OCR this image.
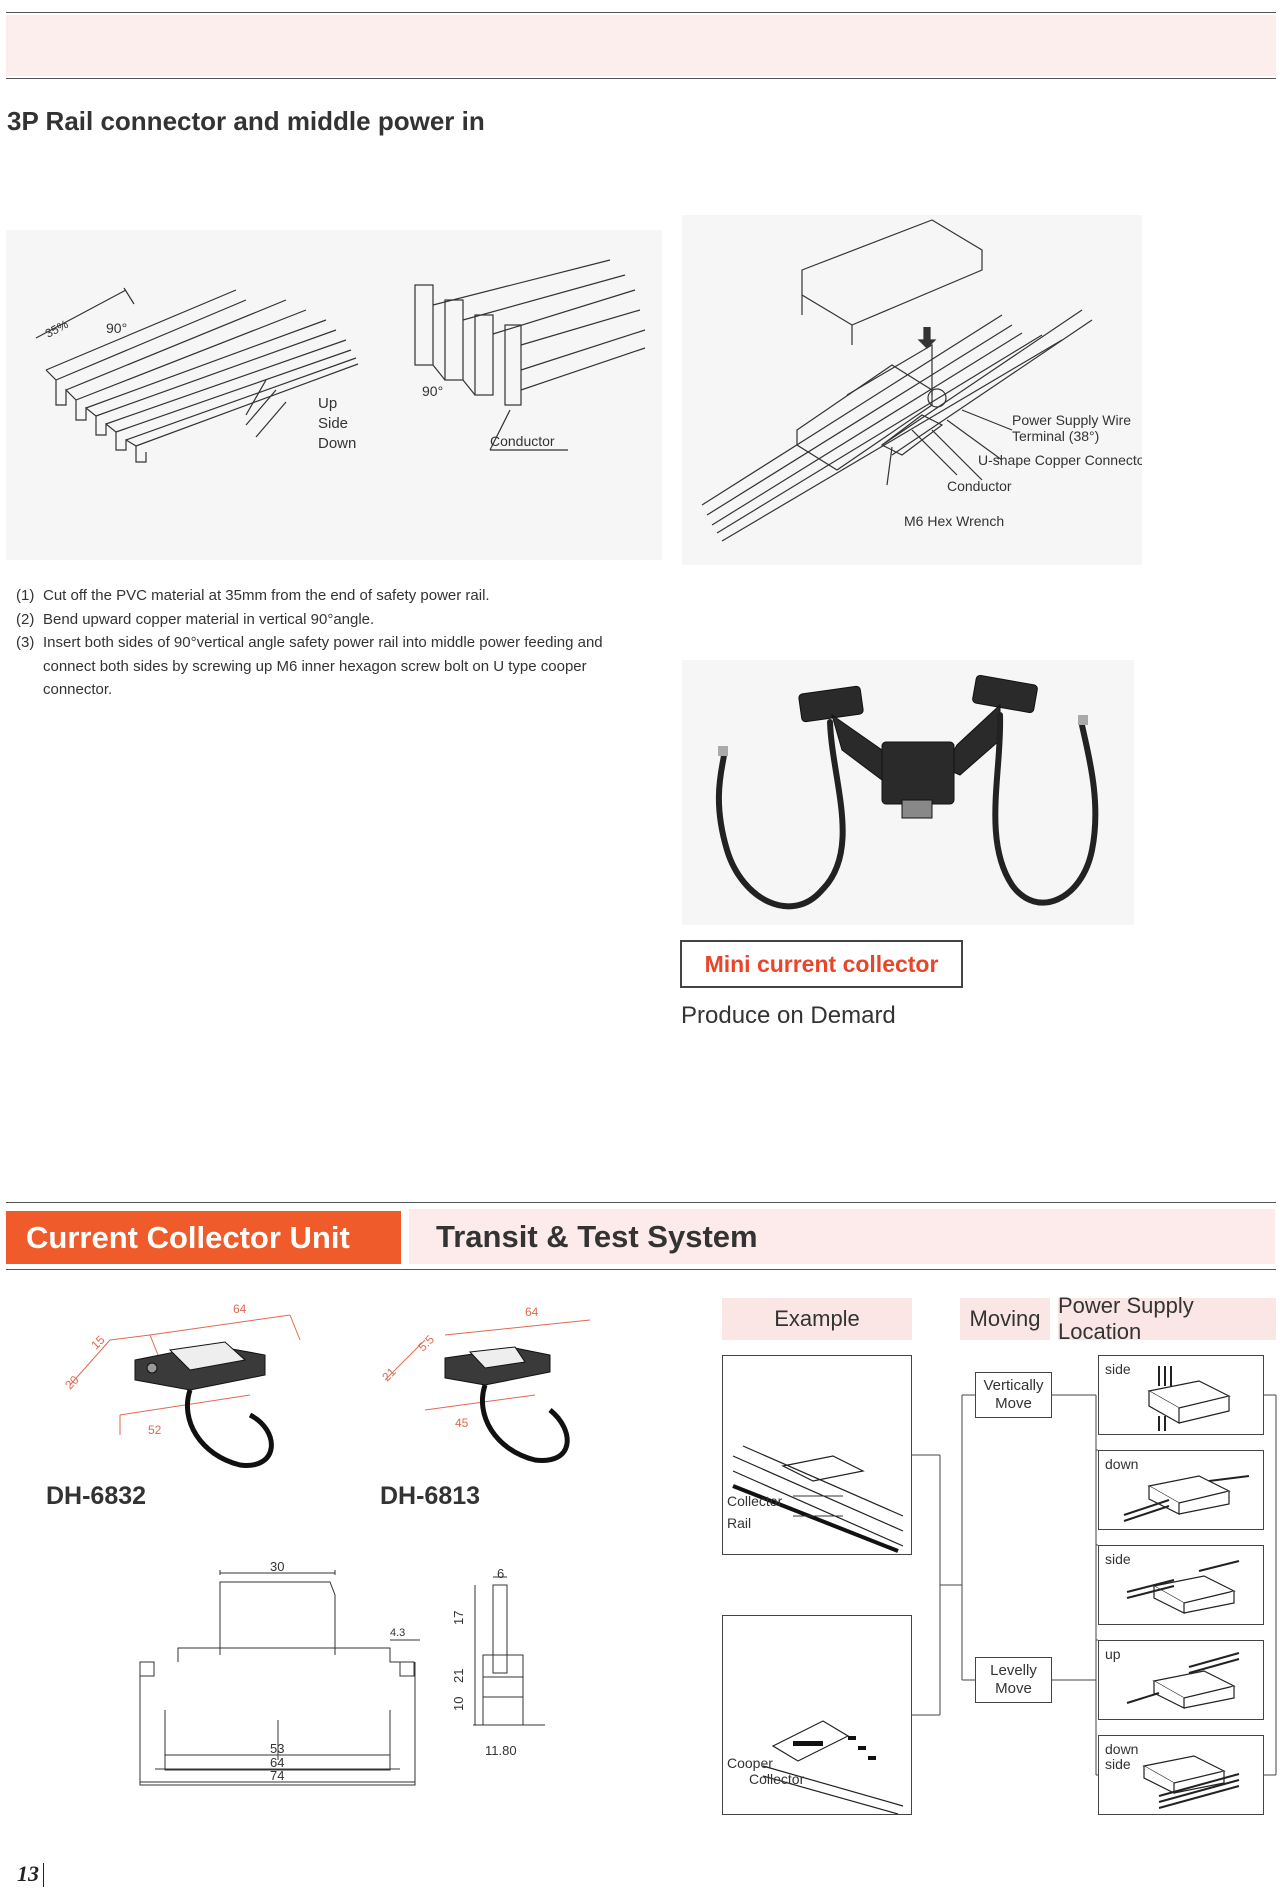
3P Rail connector and middle power in
35%	90°
Up
Side
Down
90°
Conductor
Power Supply Wire
Terminal (38°)
U-shape Copper Connector
Conductor
M6 Hex Wrench
(1) Cut off the PVC material at 35mm from the end of safety power rail.
(2) Bend upward copper material in vertical 90°angle.
(3) Insert both sides of 90°vertical angle safety power rail into middle power feeding and connect both sides by screwing up M6 inner hexagon screw bolt on U type cooper connector.
Mini current collector
Produce on Demard
Current Collector Unit	Transit & Test System
64
15
20
52
DH-6832
64
5.5
21
45
DH-6813
30
4.3
53
64
74
6
17
21
10
11.80
Example	Moving
Power Supply Location
Collector
Rail
Cooper
Collector
Vertically Move
Levelly Move
side
down
side
up
down side
13
